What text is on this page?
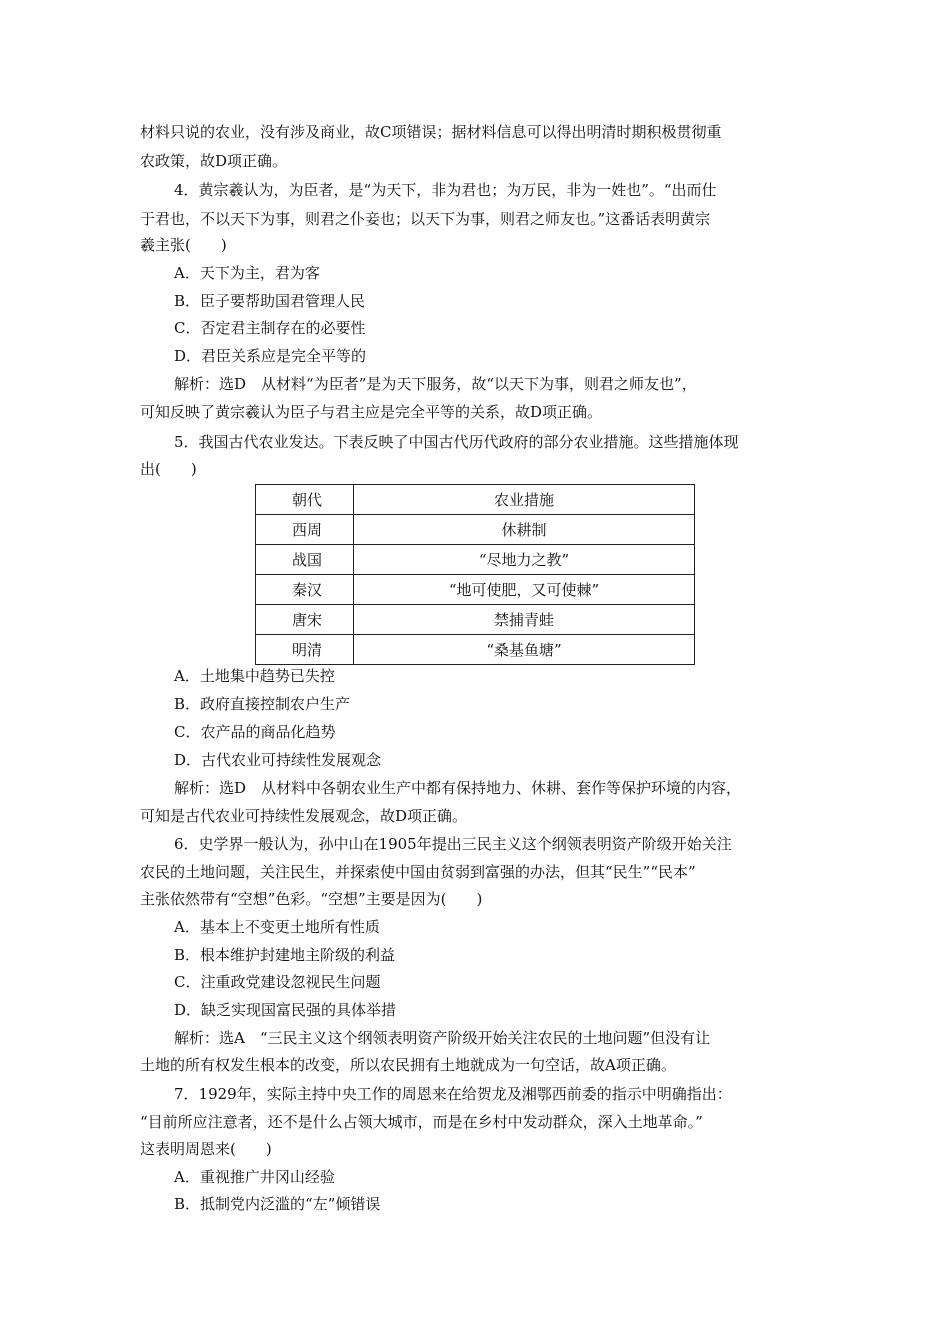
材料只说的农业，没有涉及商业，故C项错误；据材料信息可以得出明清时期积极贯彻重
农政策，故D项正确。
4．黄宗羲认为，为臣者，是“为天下，非为君也；为万民，非为一姓也”。“出而仕
于君也，不以天下为事，则君之仆妾也；以天下为事，则君之师友也。”这番话表明黄宗
羲主张(　　)
A．天下为主，君为客
B．臣子要帮助国君管理人民
C．否定君主制存在的必要性
D．君臣关系应是完全平等的
解析：选D　从材料“为臣者”是为天下服务，故“以天下为事，则君之师友也”，
可知反映了黄宗羲认为臣子与君主应是完全平等的关系，故D项正确。
5．我国古代农业发达。下表反映了中国古代历代政府的部分农业措施。这些措施体现
出(　　)
朝代	农业措施
西周	休耕制
战国	“尽地力之教”
秦汉	“地可使肥，又可使棘”
唐宋	禁捕青蛙
明清	“桑基鱼塘”
A．土地集中趋势已失控
B．政府直接控制农户生产
C．农产品的商品化趋势
D．古代农业可持续性发展观念
解析：选D　从材料中各朝农业生产中都有保持地力、休耕、套作等保护环境的内容，
可知是古代农业可持续性发展观念，故D项正确。
6．史学界一般认为，孙中山在1905年提出三民主义这个纲领表明资产阶级开始关注
农民的土地问题，关注民生，并探索使中国由贫弱到富强的办法，但其“民生”“民本”
主张依然带有“空想”色彩。“空想”主要是因为(　　)
A．基本上不变更土地所有性质
B．根本维护封建地主阶级的利益
C．注重政党建设忽视民生问题
D．缺乏实现国富民强的具体举措
解析：选A　“三民主义这个纲领表明资产阶级开始关注农民的土地问题”但没有让
土地的所有权发生根本的改变，所以农民拥有土地就成为一句空话，故A项正确。
7．1929年，实际主持中央工作的周恩来在给贺龙及湘鄂西前委的指示中明确指出：
“目前所应注意者，还不是什么占领大城市，而是在乡村中发动群众，深入土地革命。”
这表明周恩来(　　)
A．重视推广井冈山经验
B．抵制党内泛滥的“左”倾错误
